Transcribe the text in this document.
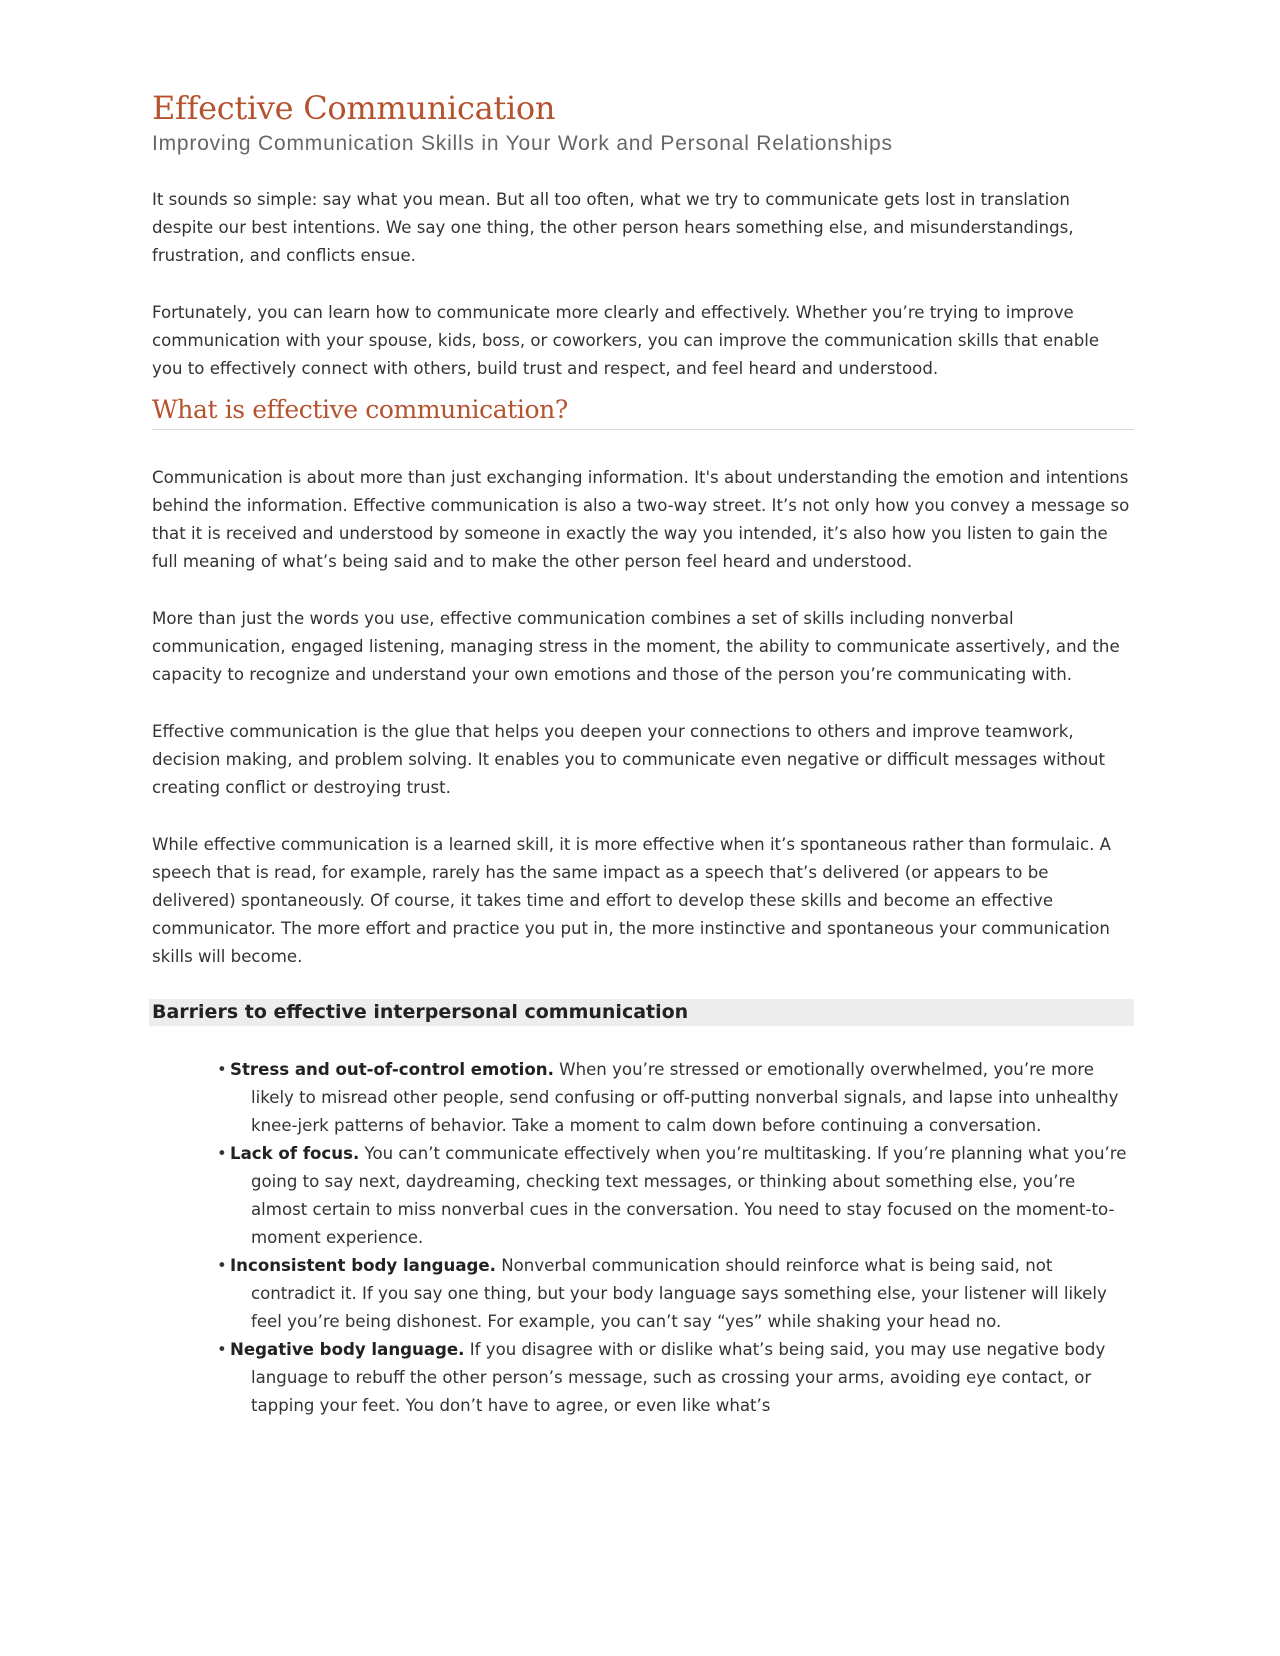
Effective Communication
Improving Communication Skills in Your Work and Personal Relationships

It sounds so simple: say what you mean. But all too often, what we try to communicate gets lost in translation despite our best intentions. We say one thing, the other person hears something else, and misunderstandings, frustration, and conflicts ensue.

Fortunately, you can learn how to communicate more clearly and effectively. Whether you’re trying to improve communication with your spouse, kids, boss, or coworkers, you can improve the communication skills that enable you to effectively connect with others, build trust and respect, and feel heard and understood.

What is effective communication?

Communication is about more than just exchanging information. It's about understanding the emotion and intentions behind the information. Effective communication is also a two-way street. It’s not only how you convey a message so that it is received and understood by someone in exactly the way you intended, it’s also how you listen to gain the full meaning of what’s being said and to make the other person feel heard and understood.

More than just the words you use, effective communication combines a set of skills including nonverbal communication, engaged listening, managing stress in the moment, the ability to communicate assertively, and the capacity to recognize and understand your own emotions and those of the person you’re communicating with.

Effective communication is the glue that helps you deepen your connections to others and improve teamwork, decision making, and problem solving. It enables you to communicate even negative or difficult messages without creating conflict or destroying trust.

While effective communication is a learned skill, it is more effective when it’s spontaneous rather than formulaic. A speech that is read, for example, rarely has the same impact as a speech that’s delivered (or appears to be delivered) spontaneously. Of course, it takes time and effort to develop these skills and become an effective communicator. The more effort and practice you put in, the more instinctive and spontaneous your communication skills will become.

Barriers to effective interpersonal communication
• Stress and out-of-control emotion. When you’re stressed or emotionally overwhelmed, you’re more likely to misread other people, send confusing or off-putting nonverbal signals, and lapse into unhealthy knee-jerk patterns of behavior. Take a moment to calm down before continuing a conversation.
• Lack of focus. You can’t communicate effectively when you’re multitasking. If you’re planning what you’re going to say next, daydreaming, checking text messages, or thinking about something else, you’re almost certain to miss nonverbal cues in the conversation. You need to stay focused on the moment-to-moment experience.
• Inconsistent body language. Nonverbal communication should reinforce what is being said, not contradict it. If you say one thing, but your body language says something else, your listener will likely feel you’re being dishonest. For example, you can’t say “yes” while shaking your head no.
• Negative body language. If you disagree with or dislike what’s being said, you may use negative body language to rebuff the other person’s message, such as crossing your arms, avoiding eye contact, or tapping your feet. You don’t have to agree, or even like what’s
